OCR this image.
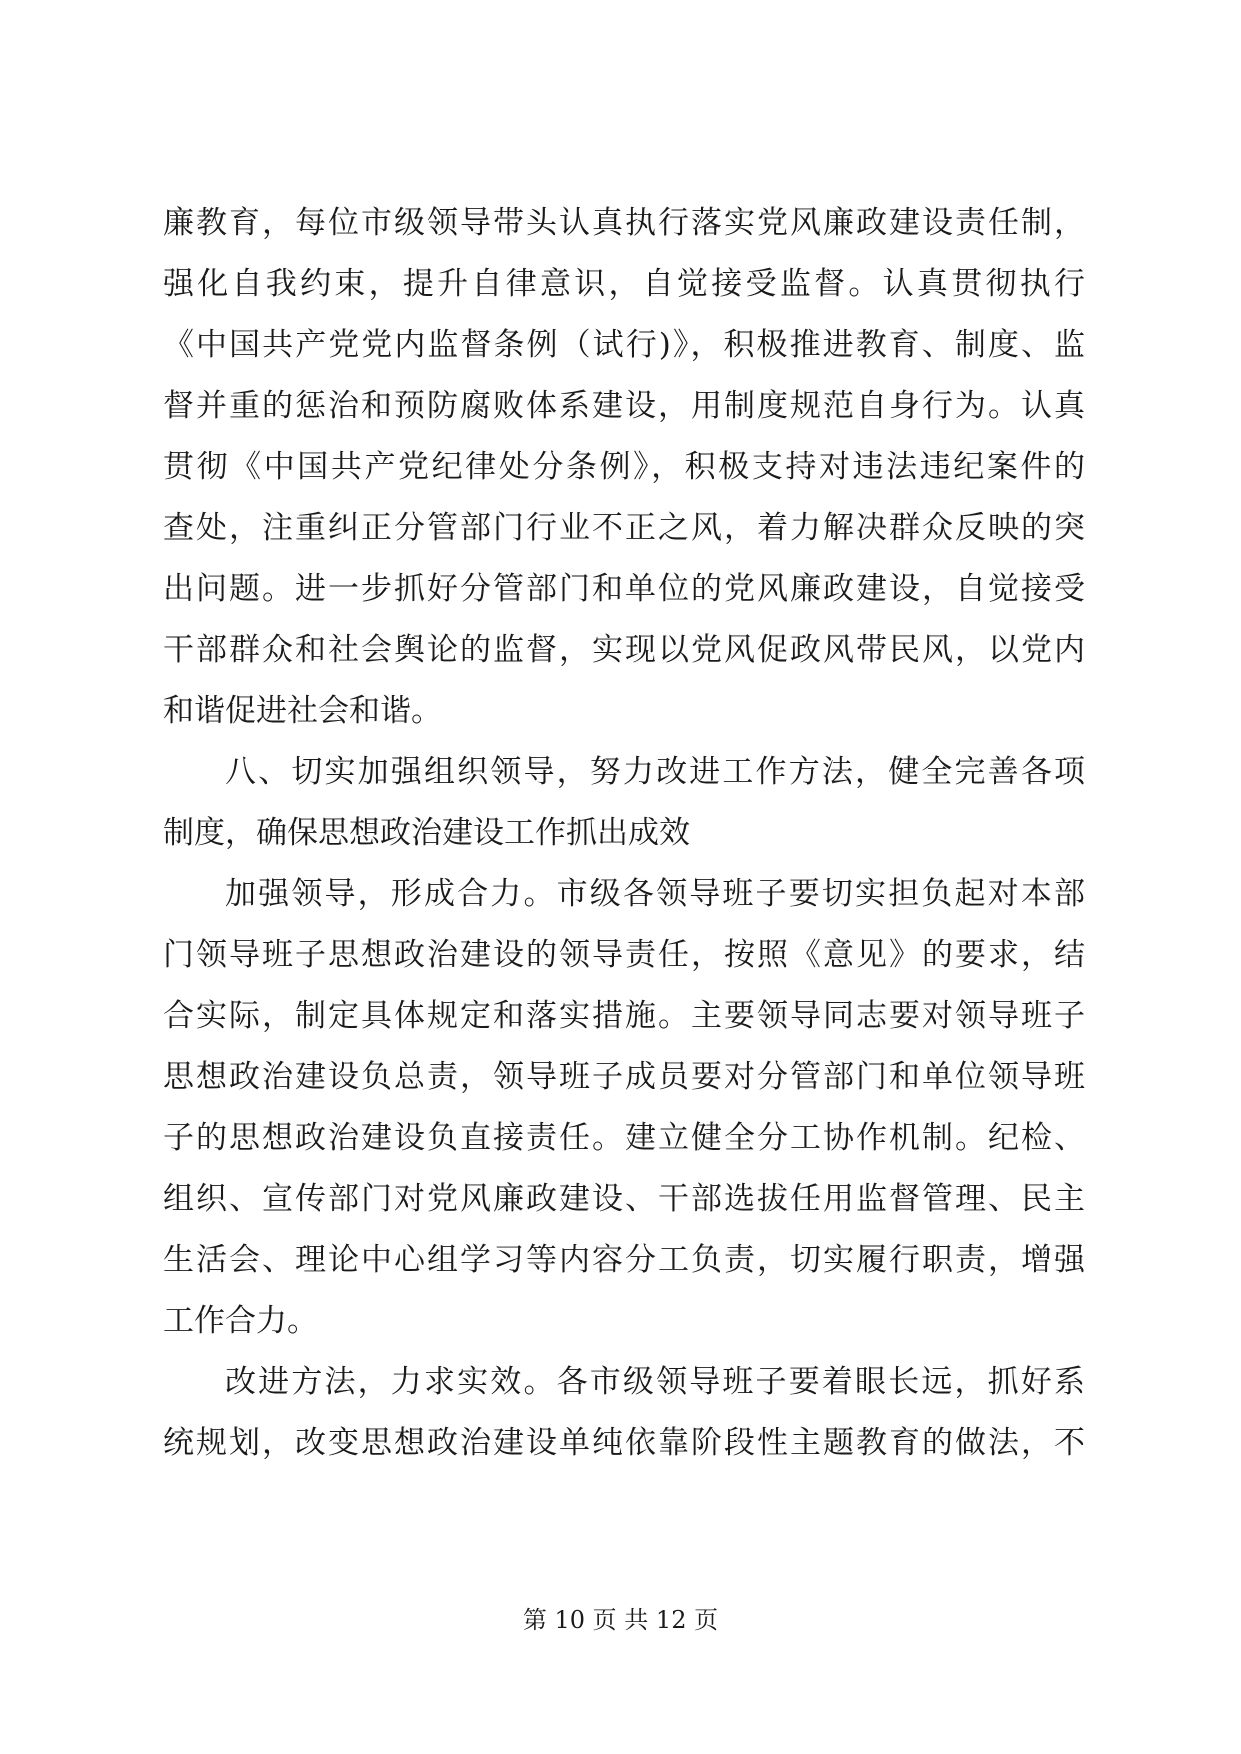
廉教育，每位市级领导带头认真执行落实党风廉政建设责任制，
强化自我约束，提升自律意识，自觉接受监督。认真贯彻执行
《中国共产党党内监督条例（试行)》，积极推进教育、制度、监
督并重的惩治和预防腐败体系建设，用制度规范自身行为。认真
贯彻《中国共产党纪律处分条例》，积极支持对违法违纪案件的
查处，注重纠正分管部门行业不正之风，着力解决群众反映的突
出问题。进一步抓好分管部门和单位的党风廉政建设，自觉接受
干部群众和社会舆论的监督，实现以党风促政风带民风，以党内
和谐促进社会和谐。
八、切实加强组织领导，努力改进工作方法，健全完善各项
制度，确保思想政治建设工作抓出成效
加强领导，形成合力。市级各领导班子要切实担负起对本部
门领导班子思想政治建设的领导责任，按照《意见》的要求，结
合实际，制定具体规定和落实措施。主要领导同志要对领导班子
思想政治建设负总责，领导班子成员要对分管部门和单位领导班
子的思想政治建设负直接责任。建立健全分工协作机制。纪检、
组织、宣传部门对党风廉政建设、干部选拔任用监督管理、民主
生活会、理论中心组学习等内容分工负责，切实履行职责，增强
工作合力。
改进方法，力求实效。各市级领导班子要着眼长远，抓好系
统规划，改变思想政治建设单纯依靠阶段性主题教育的做法，不
第 10 页 共 12 页
